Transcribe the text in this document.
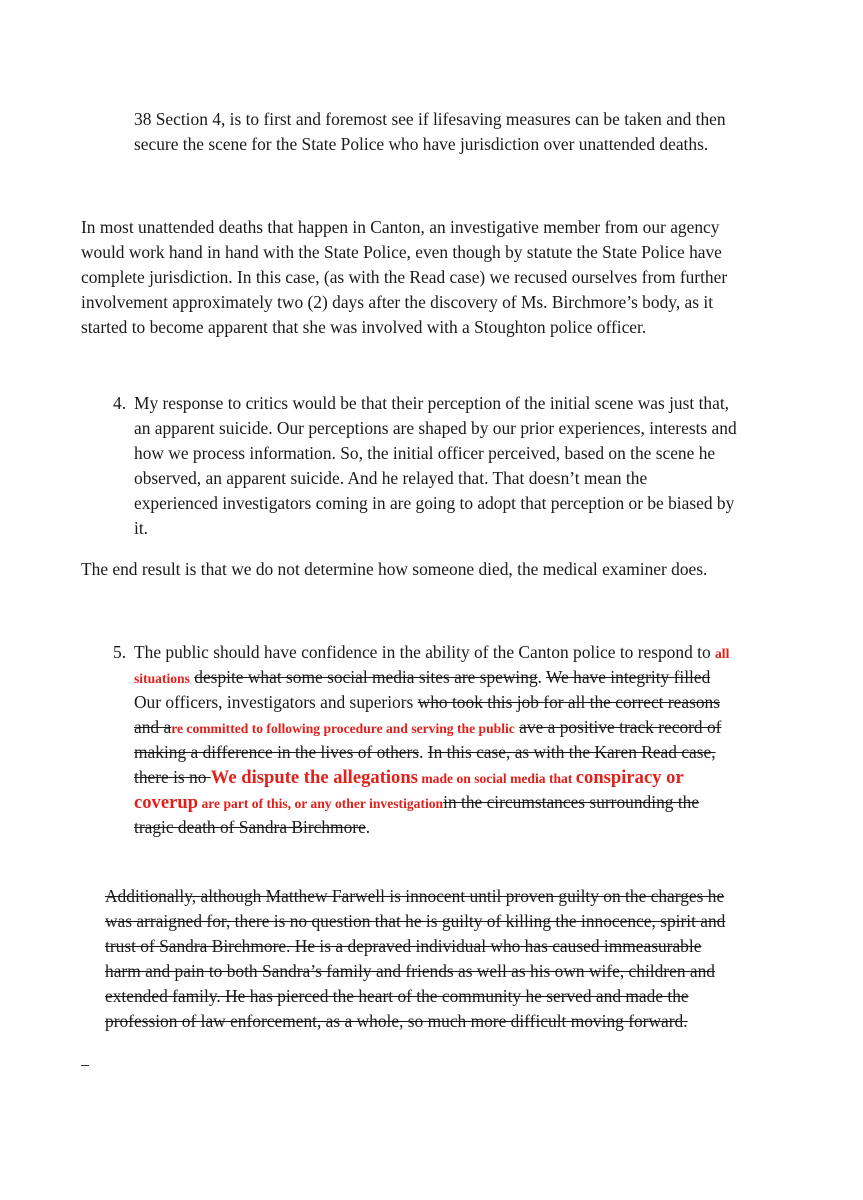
38 Section 4, is to first and foremost see if lifesaving measures can be taken and then
secure the scene for the State Police who have jurisdiction over unattended deaths.
In most unattended deaths that happen in Canton, an investigative member from our agency
would work hand in hand with the State Police, even though by statute the State Police have
complete jurisdiction. In this case, (as with the Read case) we recused ourselves from further
involvement approximately two (2) days after the discovery of Ms. Birchmore’s body, as it
started to become apparent that she was involved with a Stoughton police officer.
4. My response to critics would be that their perception of the initial scene was just that,
an apparent suicide. Our perceptions are shaped by our prior experiences, interests and
how we process information. So, the initial officer perceived, based on the scene he
observed, an apparent suicide. And he relayed that. That doesn’t mean the
experienced investigators coming in are going to adopt that perception or be biased by
it.
The end result is that we do not determine how someone died, the medical examiner does.
5. The public should have confidence in the ability of the Canton police to respond to all
situations despite what some social media sites are spewing. We have integrity filled
Our officers, investigators and superiors who took this job for all the correct reasons
and are committed to following procedure and serving the public ave a positive track record of
making a difference in the lives of others. In this case, as with the Karen Read case,
there is no We dispute the allegations made on social media that conspiracy or
coverup are part of this, or any other investigationin the circumstances surrounding the
tragic death of Sandra Birchmore.
Additionally, although Matthew Farwell is innocent until proven guilty on the charges he
was arraigned for, there is no question that he is guilty of killing the innocence, spirit and
trust of Sandra Birchmore. He is a depraved individual who has caused immeasurable
harm and pain to both Sandra’s family and friends as well as his own wife, children and
extended family. He has pierced the heart of the community he served and made the
profession of law enforcement, as a whole, so much more difficult moving forward.
